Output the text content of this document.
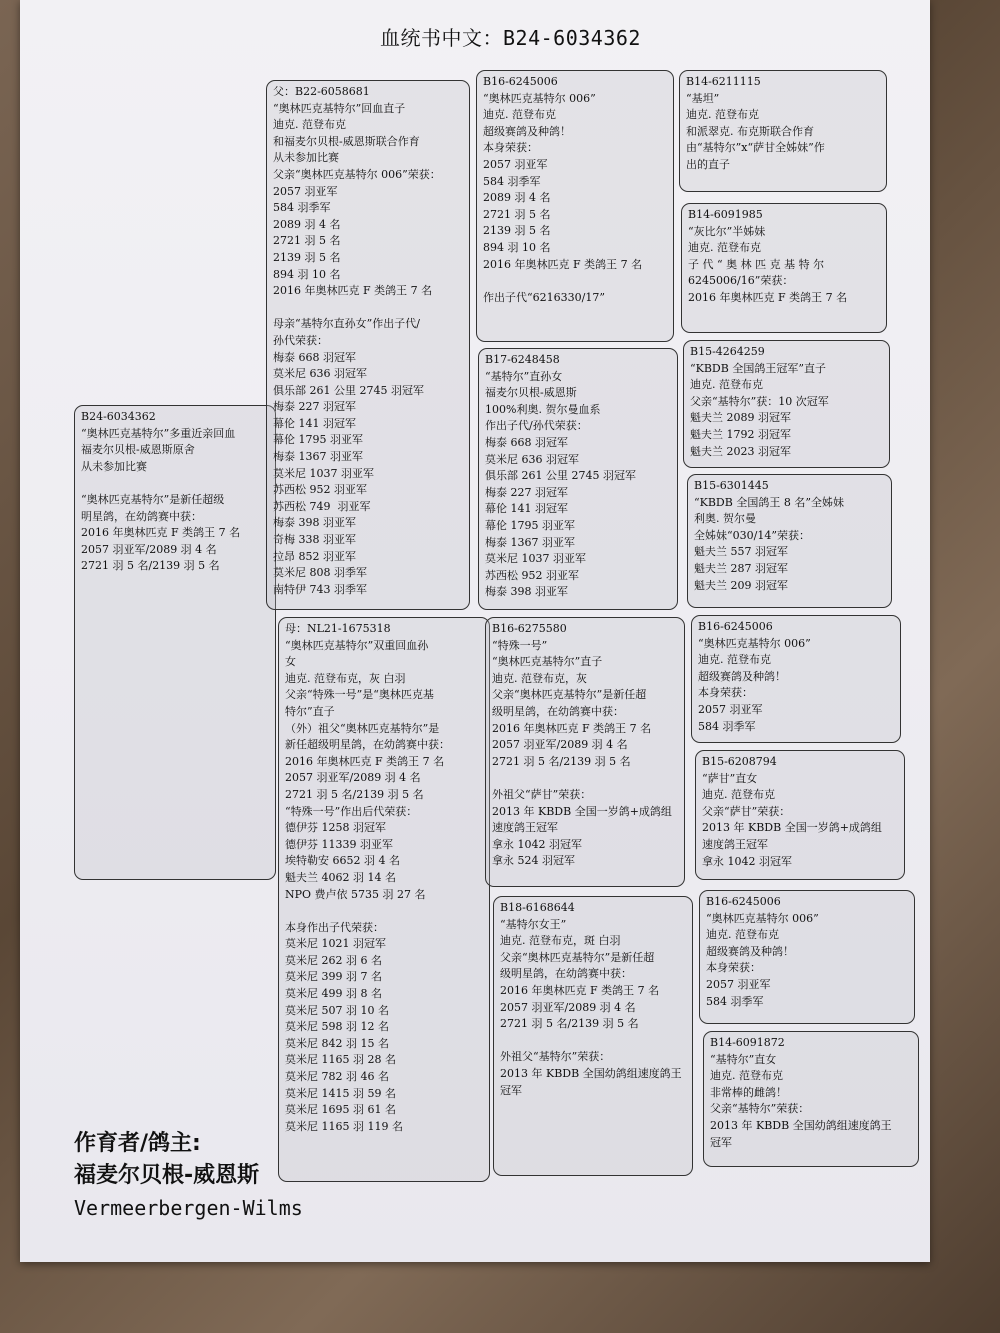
血统书中文：B24-6034362
B24-6034362
“奥林匹克基特尔”多重近亲回血
福麦尔贝根-威恩斯原舍
从未参加比赛

“奥林匹克基特尔”是新任超级
明星鸽，在幼鸽赛中获：
2016 年奥林匹克 F 类鸽王 7 名
2057 羽亚军/2089 羽 4 名
2721 羽 5 名/2139 羽 5 名
父：B22-6058681
“奥林匹克基特尔”回血直子
迪克. 范登布克
和福麦尔贝根-威恩斯联合作育
从未参加比赛
父亲“奥林匹克基特尔 006”荣获：
2057 羽亚军
584 羽季军
2089 羽 4 名
2721 羽 5 名
2139 羽 5 名
894 羽 10 名
2016 年奥林匹克 F 类鸽王 7 名

母亲“基特尔直孙女”作出子代/
孙代荣获：
梅泰 668 羽冠军
莫米尼 636 羽冠军
俱乐部 261 公里 2745 羽冠军
梅泰 227 羽冠军
幕伦 141 羽冠军
幕伦 1795 羽亚军
梅泰 1367 羽亚军
莫米尼 1037 羽亚军
苏西松 952 羽亚军
苏西松 749  羽亚军
梅泰 398 羽亚军
奇梅 338 羽亚军
拉昂 852 羽亚军
莫米尼 808 羽季军
南特伊 743 羽季军
母：NL21-1675318
“奥林匹克基特尔”双重回血孙
女
迪克. 范登布克，灰 白羽
父亲“特殊一号”是“奥林匹克基
特尔”直子
（外）祖父“奥林匹克基特尔”是
新任超级明星鸽，在幼鸽赛中获：
2016 年奥林匹克 F 类鸽王 7 名
2057 羽亚军/2089 羽 4 名
2721 羽 5 名/2139 羽 5 名
“特殊一号”作出后代荣获：
德伊芬 1258 羽冠军
德伊芬 11339 羽亚军
埃特勒安 6652 羽 4 名
魁夫兰 4062 羽 14 名
NPO 费卢依 5735 羽 27 名

本身作出子代荣获：
莫米尼 1021 羽冠军
莫米尼 262 羽 6 名
莫米尼 399 羽 7 名
莫米尼 499 羽 8 名
莫米尼 507 羽 10 名
莫米尼 598 羽 12 名
莫米尼 842 羽 15 名
莫米尼 1165 羽 28 名
莫米尼 782 羽 46 名
莫米尼 1415 羽 59 名
莫米尼 1695 羽 61 名
莫米尼 1165 羽 119 名
B16-6245006
“奥林匹克基特尔 006”
迪克. 范登布克
超级赛鸽及种鸽！
本身荣获：
2057 羽亚军
584 羽季军
2089 羽 4 名
2721 羽 5 名
2139 羽 5 名
894 羽 10 名
2016 年奥林匹克 F 类鸽王 7 名

作出子代“6216330/17”
B17-6248458
“基特尔”直孙女
福麦尔贝根-威恩斯
100%利奥. 贺尔曼血系
作出子代/孙代荣获：
梅泰 668 羽冠军
莫米尼 636 羽冠军
俱乐部 261 公里 2745 羽冠军
梅泰 227 羽冠军
幕伦 141 羽冠军
幕伦 1795 羽亚军
梅泰 1367 羽亚军
莫米尼 1037 羽亚军
苏西松 952 羽亚军
梅泰 398 羽亚军
B16-6275580
“特殊一号”
“奥林匹克基特尔”直子
迪克. 范登布克，灰
父亲“奥林匹克基特尔”是新任超
级明星鸽，在幼鸽赛中获：
2016 年奥林匹克 F 类鸽王 7 名
2057 羽亚军/2089 羽 4 名
2721 羽 5 名/2139 羽 5 名

外祖父“萨甘”荣获：
2013 年 KBDB 全国一岁鸽+成鸽组
速度鸽王冠军
拿永 1042 羽冠军
拿永 524 羽冠军
B18-6168644
“基特尔女王”
迪克. 范登布克，斑 白羽
父亲“奥林匹克基特尔”是新任超
级明星鸽，在幼鸽赛中获：
2016 年奥林匹克 F 类鸽王 7 名
2057 羽亚军/2089 羽 4 名
2721 羽 5 名/2139 羽 5 名

外祖父“基特尔”荣获：
2013 年 KBDB 全国幼鸽组速度鸽王
冠军
B14-6211115
“基坦”
迪克. 范登布克
和派翠克. 布克斯联合作育
由“基特尔”x“萨甘全姊妹”作
出的直子
B14-6091985
“灰比尔”半姊妹
迪克. 范登布克
子 代 “ 奥 林 匹 克 基 特 尔
6245006/16”荣获：
2016 年奥林匹克 F 类鸽王 7 名
B15-4264259
“KBDB 全国鸽王冠军”直子
迪克. 范登布克
父亲“基特尔”获：10 次冠军
魁夫兰 2089 羽冠军
魁夫兰 1792 羽冠军
魁夫兰 2023 羽冠军
B15-6301445
“KBDB 全国鸽王 8 名”全姊妹
利奥. 贺尔曼
全姊妹“030/14”荣获：
魁夫兰 557 羽冠军
魁夫兰 287 羽冠军
魁夫兰 209 羽冠军
B16-6245006
“奥林匹克基特尔 006”
迪克. 范登布克
超级赛鸽及种鸽！
本身荣获：
2057 羽亚军
584 羽季军
B15-6208794
“萨甘”直女
迪克. 范登布克
父亲“萨甘”荣获：
2013 年 KBDB 全国一岁鸽+成鸽组
速度鸽王冠军
拿永 1042 羽冠军
B16-6245006
“奥林匹克基特尔 006”
迪克. 范登布克
超级赛鸽及种鸽！
本身荣获：
2057 羽亚军
584 羽季军
B14-6091872
“基特尔”直女
迪克. 范登布克
非常棒的雌鸽！
父亲“基特尔”荣获：
2013 年 KBDB 全国幼鸽组速度鸽王
冠军
作育者/鸽主:
福麦尔贝根-威恩斯
Vermeerbergen-Wilms
